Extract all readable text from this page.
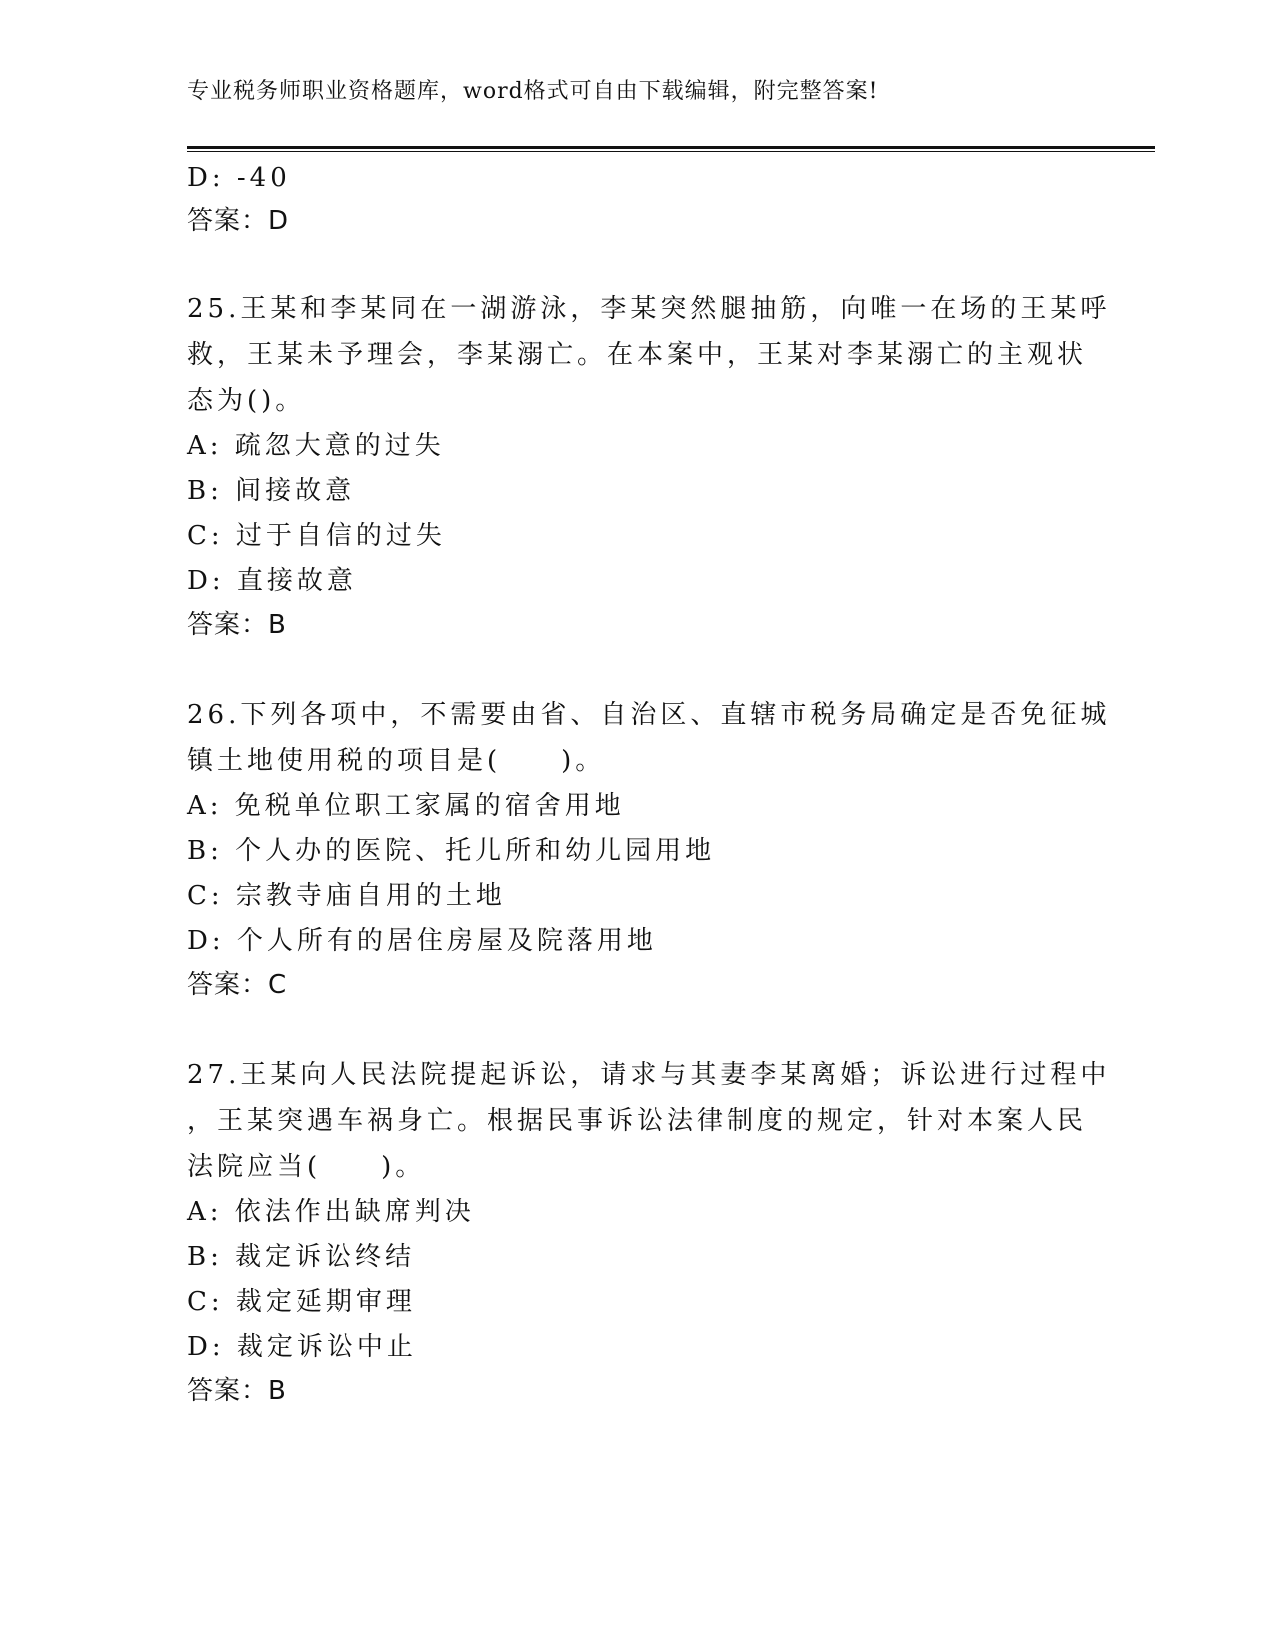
专业税务师职业资格题库，word格式可自由下载编辑，附完整答案!
D: -40
答案：D
25.王某和李某同在一湖游泳，李某突然腿抽筋，向唯一在场的王某呼
救，王某未予理会，李某溺亡。在本案中，王某对李某溺亡的主观状
态为()。
A: 疏忽大意的过失
B: 间接故意
C: 过于自信的过失
D: 直接故意
答案：B
26.下列各项中，不需要由省、自治区、直辖市税务局确定是否免征城
镇土地使用税的项目是(　　)。
A: 免税单位职工家属的宿舍用地
B: 个人办的医院、托儿所和幼儿园用地
C: 宗教寺庙自用的土地
D: 个人所有的居住房屋及院落用地
答案：C
27.王某向人民法院提起诉讼，请求与其妻李某离婚；诉讼进行过程中
，王某突遇车祸身亡。根据民事诉讼法律制度的规定，针对本案人民
法院应当(　　)。
A: 依法作出缺席判决
B: 裁定诉讼终结
C: 裁定延期审理
D: 裁定诉讼中止
答案：B
